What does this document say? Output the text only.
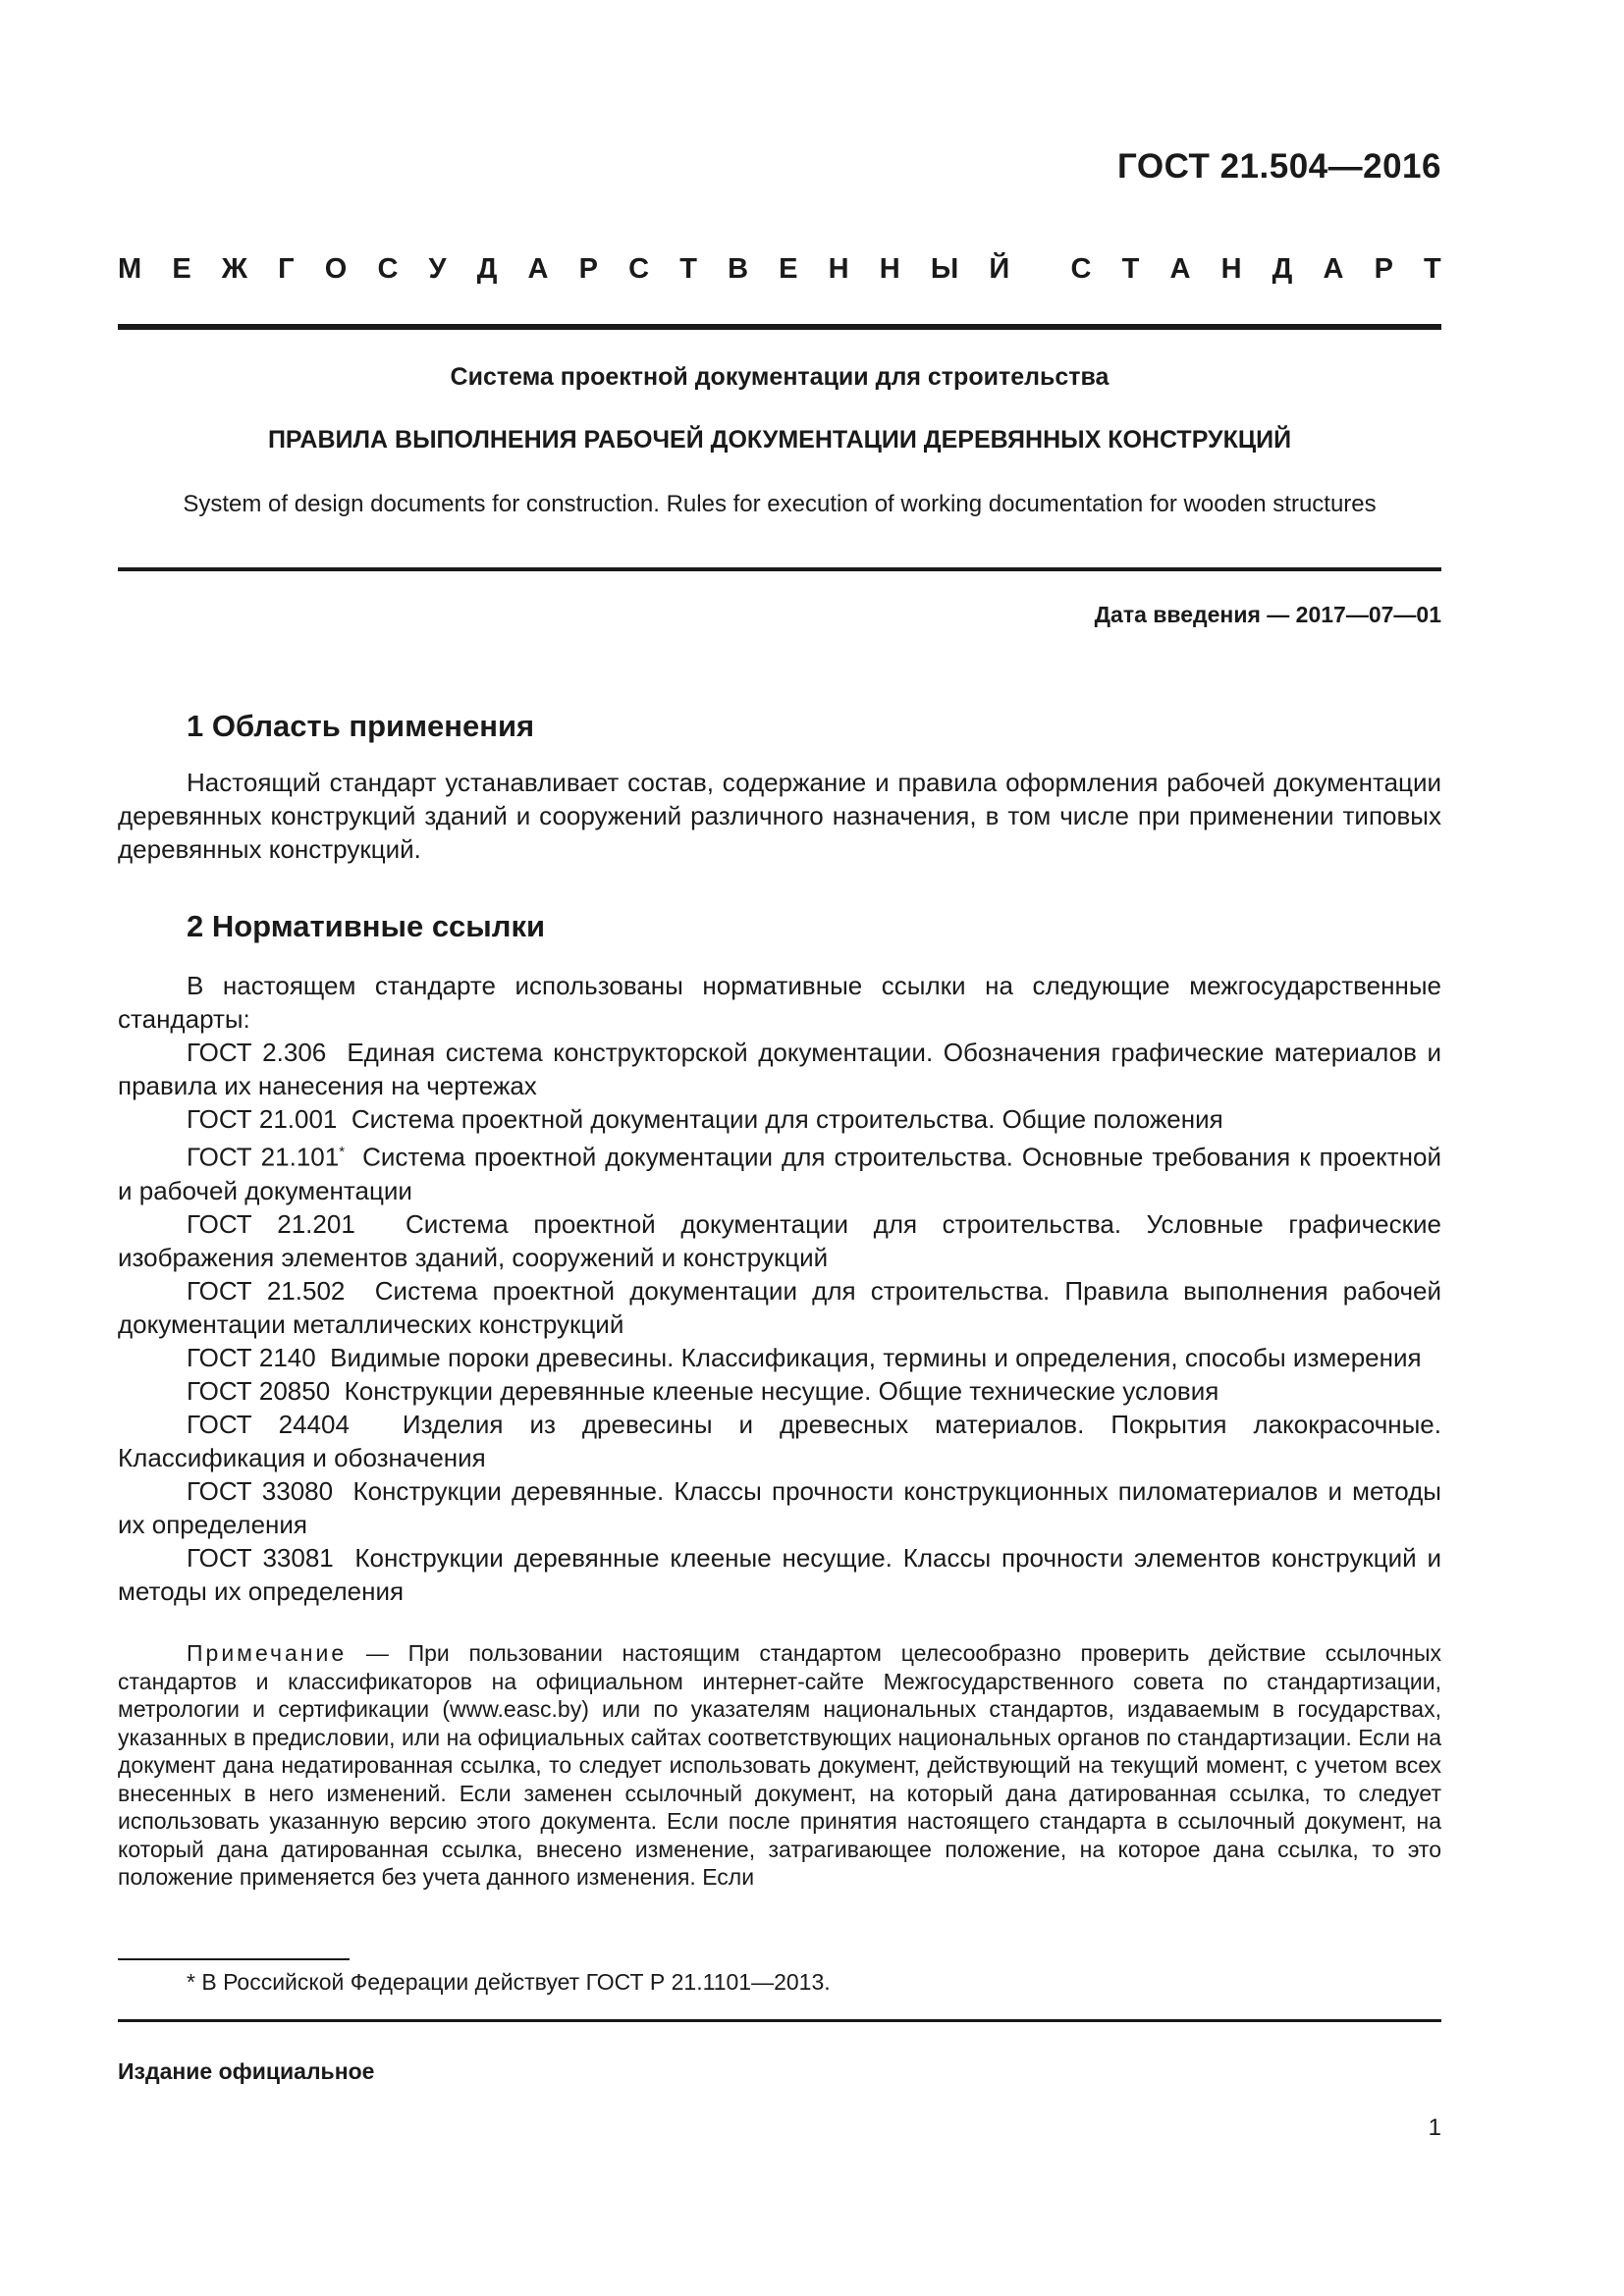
ГОСТ 21.504—2016
М Е Ж Г О С У Д А Р С Т В Е Н Н Ы Й С Т А Н Д А Р Т
Система проектной документации для строительства
ПРАВИЛА ВЫПОЛНЕНИЯ РАБОЧЕЙ ДОКУМЕНТАЦИИ ДЕРЕВЯННЫХ КОНСТРУКЦИЙ
System of design documents for construction. Rules for execution of working documentation for wooden structures
Дата введения — 2017—07—01
1 Область применения

Настоящий стандарт устанавливает состав, содержание и правила оформления рабочей документации деревянных конструкций зданий и сооружений различного назначения, в том числе при применении типовых деревянных конструкций.

2 Нормативные ссылки

В настоящем стандарте использованы нормативные ссылки на следующие межгосударственные стандарты:

ГОСТ 2.306  Единая система конструкторской документации. Обозначения графические материалов и правила их нанесения на чертежах

ГОСТ 21.001  Система проектной документации для строительства. Общие положения

ГОСТ 21.101*  Система проектной документации для строительства. Основные требования к проектной и рабочей документации

ГОСТ 21.201  Система проектной документации для строительства. Условные графические изображения элементов зданий, сооружений и конструкций

ГОСТ 21.502  Система проектной документации для строительства. Правила выполнения рабочей документации металлических конструкций

ГОСТ 2140  Видимые пороки древесины. Классификация, термины и определения, способы измерения

ГОСТ 20850  Конструкции деревянные клееные несущие. Общие технические условия

ГОСТ 24404  Изделия из древесины и древесных материалов. Покрытия лакокрасочные. Классификация и обозначения

ГОСТ 33080  Конструкции деревянные. Классы прочности конструкционных пиломатериалов и методы их определения

ГОСТ 33081  Конструкции деревянные клееные несущие. Классы прочности элементов конструкций и методы их определения

Примечание — При пользовании настоящим стандартом целесообразно проверить действие ссылочных стандартов и классификаторов на официальном интернет-сайте Межгосударственного совета по стандартизации, метрологии и сертификации (www.easc.by) или по указателям национальных стандартов, издаваемым в государствах, указанных в предисловии, или на официальных сайтах соответствующих национальных органов по стандартизации. Если на документ дана недатированная ссылка, то следует использовать документ, действующий на текущий момент, с учетом всех внесенных в него изменений. Если заменен ссылочный документ, на который дана датированная ссылка, то следует использовать указанную версию этого документа. Если после принятия настоящего стандарта в ссылочный документ, на который дана датированная ссылка, внесено изменение, затрагивающее положение, на которое дана ссылка, то это положение применяется без учета данного изменения. Если

* В Российской Федерации действует ГОСТ Р 21.1101—2013.
Издание официальное
1
